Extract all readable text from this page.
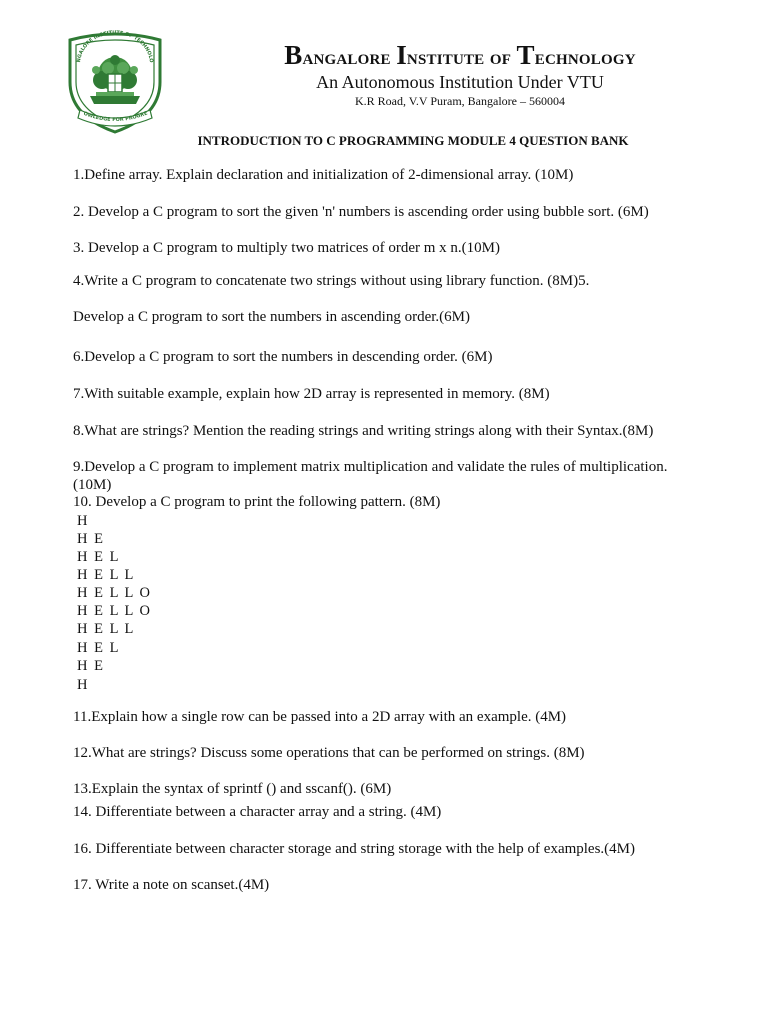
NGALORE INSTITUTE OF TECHNOLO
OWLEDGE FOR PROGRE
Bangalore Institute of Technology
An Autonomous Institution Under VTU
K.R Road, V.V Puram, Bangalore – 560004
INTRODUCTION TO C PROGRAMMING MODULE 4 QUESTION BANK
1.Define array. Explain declaration and initialization of 2-dimensional array. (10M)
2. Develop a C program to sort the given 'n' numbers is ascending order using bubble sort. (6M)
3. Develop a C program to multiply two matrices of order m x n.(10M)
4.Write a C program to concatenate two strings without using library function. (8M)5.
Develop a C program to sort the numbers in ascending order.(6M)
6.Develop a C program to sort the numbers in descending order. (6M)
7.With suitable example, explain how 2D array is represented in memory. (8M)
8.What are strings? Mention the reading strings and writing strings along with their Syntax.(8M)
9.Develop a C program to implement matrix multiplication and validate the rules of multiplication.
(10M)
10. Develop a C program to print the following pattern. (8M)
H
H E
H E L
H E L L
H E L L O
H E L L O
H E L L
H E L
H E
H
11.Explain how a single row can be passed into a 2D array with an example. (4M)
12.What are strings? Discuss some operations that can be performed on strings. (8M)
13.Explain the syntax of sprintf () and sscanf(). (6M)
14. Differentiate between a character array and a string. (4M)
16. Differentiate between character storage and string storage with the help of examples.(4M)
17. Write a note on scanset.(4M)
